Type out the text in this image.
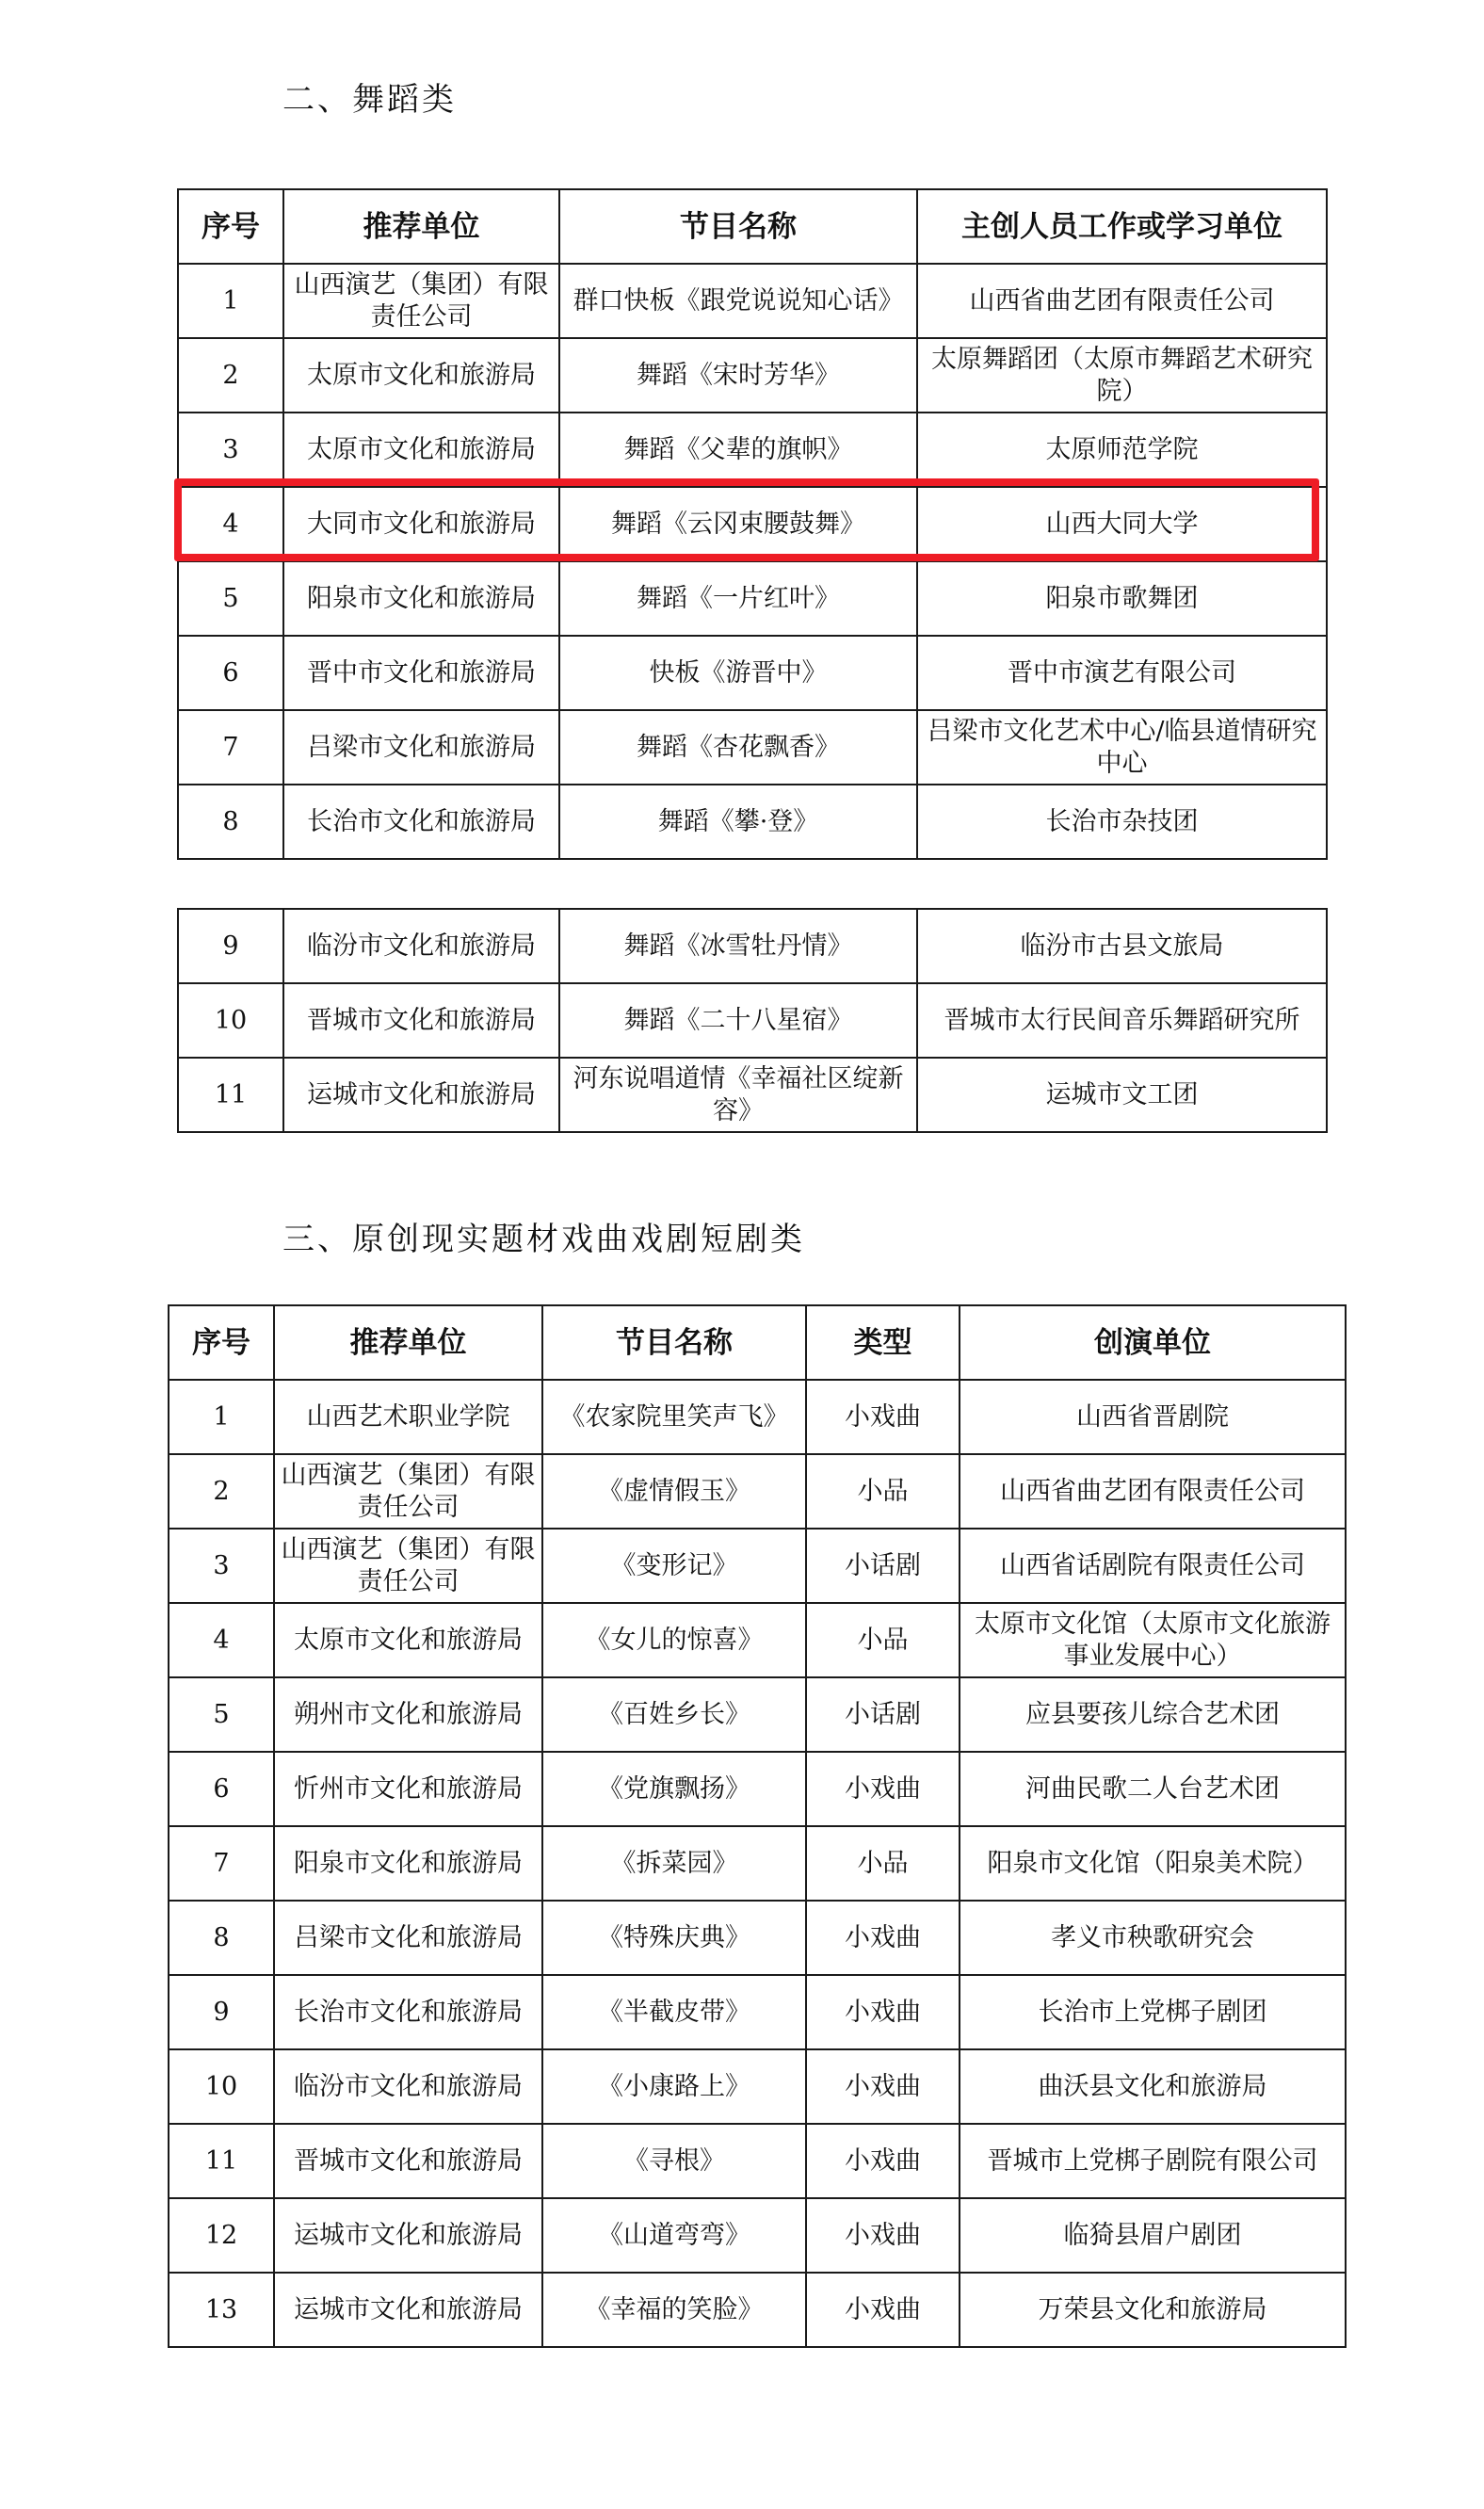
二、舞蹈类
序号	推荐单位	节目名称	主创人员工作或学习单位
1	山西演艺（集团）有限责任公司	群口快板《跟党说说知心话》	山西省曲艺团有限责任公司
2	太原市文化和旅游局	舞蹈《宋时芳华》	太原舞蹈团（太原市舞蹈艺术研究院）
3	太原市文化和旅游局	舞蹈《父辈的旗帜》	太原师范学院
4	大同市文化和旅游局	舞蹈《云冈束腰鼓舞》	山西大同大学
5	阳泉市文化和旅游局	舞蹈《一片红叶》	阳泉市歌舞团
6	晋中市文化和旅游局	快板《游晋中》	晋中市演艺有限公司
7	吕梁市文化和旅游局	舞蹈《杏花飘香》	吕梁市文化艺术中心/临县道情研究中心
8	长治市文化和旅游局	舞蹈《攀·登》	长治市杂技团
9	临汾市文化和旅游局	舞蹈《冰雪牡丹情》	临汾市古县文旅局
10	晋城市文化和旅游局	舞蹈《二十八星宿》	晋城市太行民间音乐舞蹈研究所
11	运城市文化和旅游局	河东说唱道情《幸福社区绽新容》	运城市文工团
三、原创现实题材戏曲戏剧短剧类
序号	推荐单位	节目名称	类型	创演单位
1	山西艺术职业学院	《农家院里笑声飞》	小戏曲	山西省晋剧院
2	山西演艺（集团）有限责任公司	《虚情假玉》	小品	山西省曲艺团有限责任公司
3	山西演艺（集团）有限责任公司	《变形记》	小话剧	山西省话剧院有限责任公司
4	太原市文化和旅游局	《女儿的惊喜》	小品	太原市文化馆（太原市文化旅游事业发展中心）
5	朔州市文化和旅游局	《百姓乡长》	小话剧	应县要孩儿综合艺术团
6	忻州市文化和旅游局	《党旗飘扬》	小戏曲	河曲民歌二人台艺术团
7	阳泉市文化和旅游局	《拆菜园》	小品	阳泉市文化馆（阳泉美术院）
8	吕梁市文化和旅游局	《特殊庆典》	小戏曲	孝义市秧歌研究会
9	长治市文化和旅游局	《半截皮带》	小戏曲	长治市上党梆子剧团
10	临汾市文化和旅游局	《小康路上》	小戏曲	曲沃县文化和旅游局
11	晋城市文化和旅游局	《寻根》	小戏曲	晋城市上党梆子剧院有限公司
12	运城市文化和旅游局	《山道弯弯》	小戏曲	临猗县眉户剧团
13	运城市文化和旅游局	《幸福的笑脸》	小戏曲	万荣县文化和旅游局
